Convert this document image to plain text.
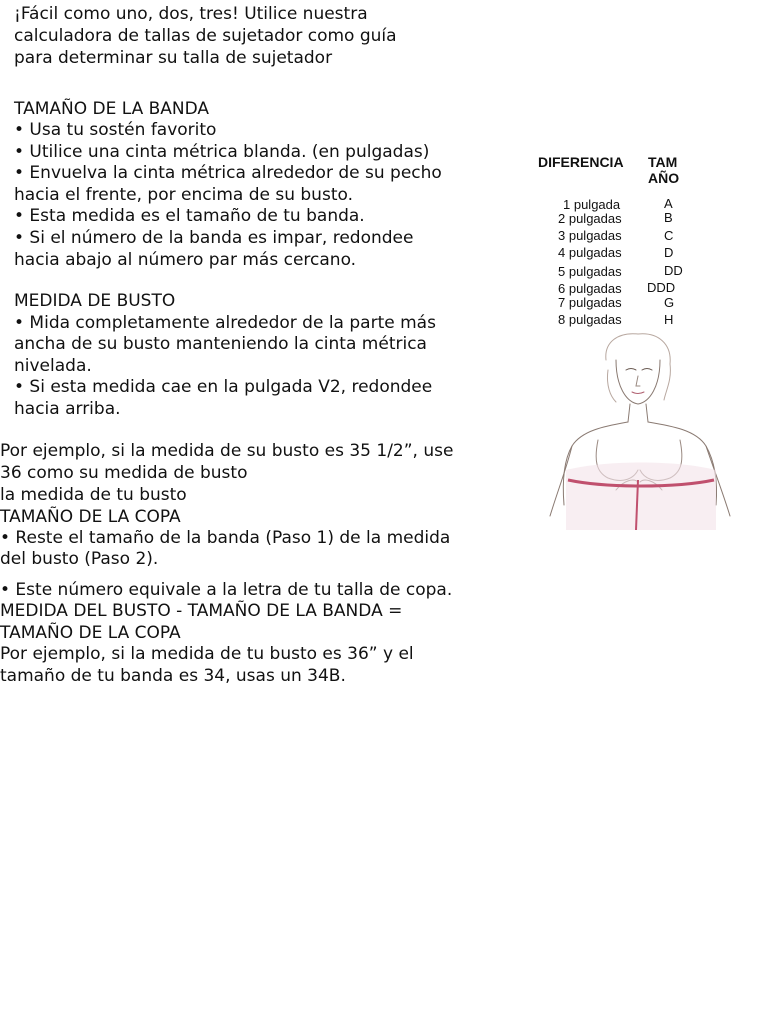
¡Fácil como uno, dos, tres! Utilice nuestra

calculadora de tallas de sujetador como guía

para determinar su talla de sujetador

TAMAÑO DE LA BANDA

• Usa tu sostén favorito

• Utilice una cinta métrica blanda. (en pulgadas)

• Envuelva la cinta métrica alrededor de su pecho

hacia el frente, por encima de su busto.

• Esta medida es el tamaño de tu banda.

• Si el número de la banda es impar, redondee

hacia abajo al número par más cercano.

MEDIDA DE BUSTO

• Mida completamente alrededor de la parte más

ancha de su busto manteniendo la cinta métrica

nivelada.

• Si esta medida cae en la pulgada V2, redondee

hacia arriba.

Por ejemplo, si la medida de su busto es 35 1/2”, use

36 como su medida de busto

la medida de tu busto

TAMAÑO DE LA COPA

• Reste el tamaño de la banda (Paso 1) de la medida

del busto (Paso 2).

• Este número equivale a la letra de tu talla de copa.

MEDIDA DEL BUSTO - TAMAÑO DE LA BANDA =

TAMAÑO DE LA COPA

Por ejemplo, si la medida de tu busto es 36” y el

tamaño de tu banda es 34, usas un 34B.

DIFERENCIA TAM

AÑO

1 pulgada	A

2 pulgadas	B

3 pulgadas	C

4 pulgadas	D

5 pulgadas	DD

6 pulgadas DDD

7 pulgadas	G

8 pulgadas	H
